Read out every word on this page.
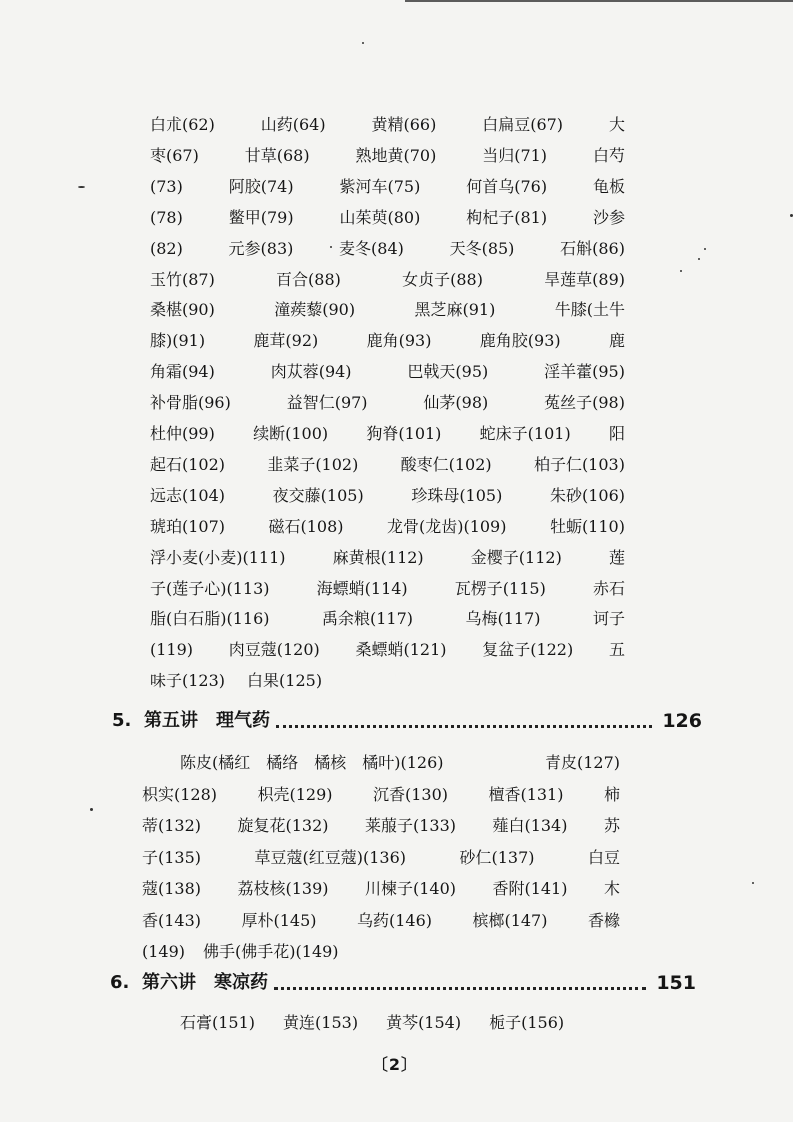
白朮(62)	山药(64)	黄精(66)	白扁豆(67)	大
枣(67)	甘草(68)	熟地黄(70)	当归(71)	白芍
(73)	阿胶(74)	紫河车(75)	何首乌(76)	龟板
(78)	鳖甲(79)	山茱萸(80)	枸杞子(81)	沙参
(82)	元参(83)	麦冬(84)	天冬(85)	石斛(86)
玉竹(87)	百合(88)	女贞子(88)	旱莲草(89)
桑椹(90)	潼蒺藜(90)	黑芝麻(91)	牛膝(土牛
膝)(91)	鹿茸(92)	鹿角(93)	鹿角胶(93)	鹿
角霜(94)	肉苁蓉(94)	巴戟天(95)	淫羊藿(95)
补骨脂(96)	益智仁(97)	仙茅(98)	菟丝子(98)
杜仲(99) 续断(100) 狗脊(101) 蛇床子(101) 阳
起石(102)	韭菜子(102)	酸枣仁(102)	柏子仁(103)
远志(104)	夜交藤(105)	珍珠母(105)	朱砂(106)
琥珀(107)	磁石(108)	龙骨(龙齿)(109)	牡蛎(110)
浮小麦(小麦)(111)	麻黄根(112)	金樱子(112)	莲
子(莲子心)(113)	海螵蛸(114)	瓦楞子(115)	赤石
脂(白石脂)(116)	禹余粮(117)	乌梅(117)	诃子
(119) 肉豆蔻(120) 桑螵蛸(121) 复盆子(122) 五
味子(123) 白果(125)
陈皮(橘红　橘络　橘核　橘叶)(126)	青皮(127)
枳实(128)	枳壳(129)	沉香(130)	檀香(131)	柿
蒂(132) 旋复花(132) 莱菔子(133) 薤白(134) 苏
子(135)	草豆蔻(红豆蔻)(136)	砂仁(137)	白豆
蔻(138) 荔枝核(139) 川楝子(140) 香附(141) 木
香(143)	厚朴(145)	乌药(146)	槟榔(147)	香橼
(149) 佛手(佛手花)(149)
石膏(151) 黄连(153) 黄芩(154) 栀子(156)
5. 第五讲　理气药	126
6. 第六讲　寒凉药	151
〔2〕
